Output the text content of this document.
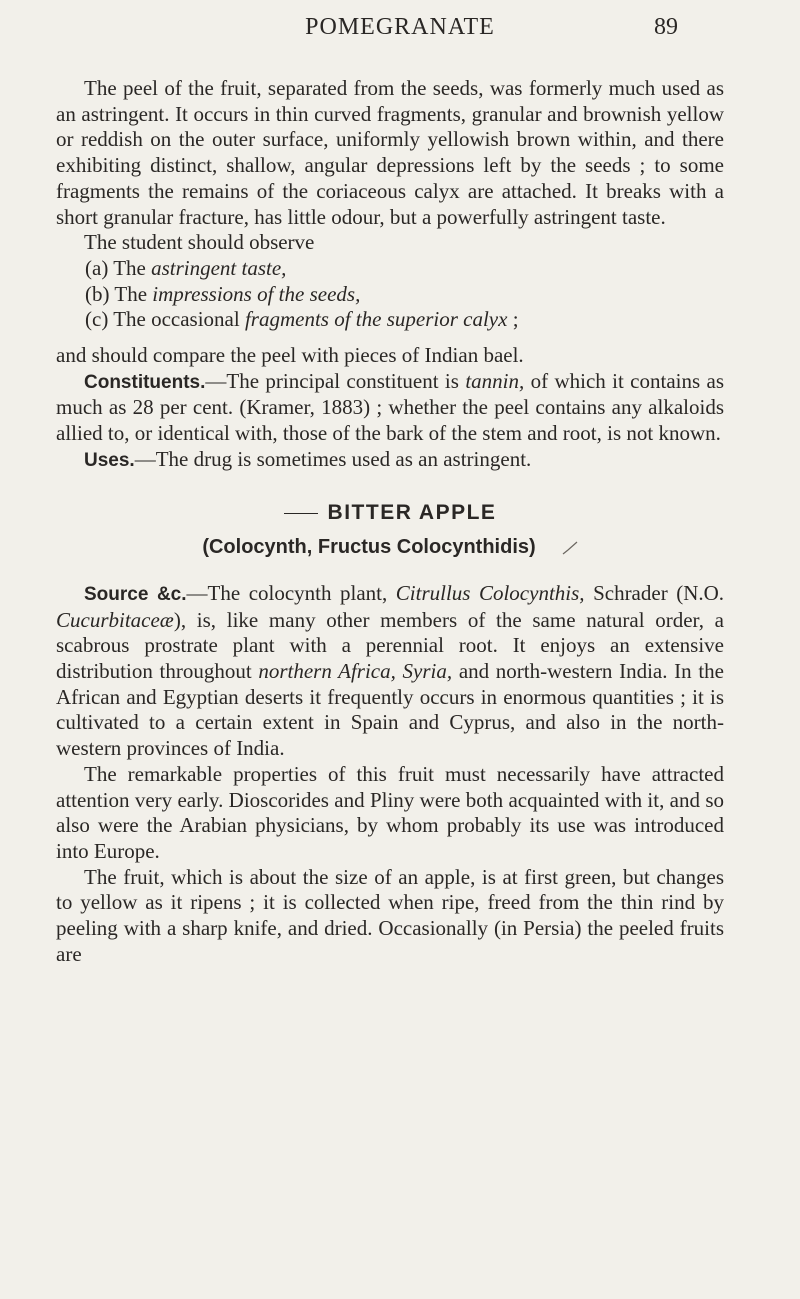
POMEGRANATE	89

The peel of the fruit, separated from the seeds, was formerly much used as an astringent. It occurs in thin curved fragments, granular and brownish yellow or reddish on the outer surface, uniformly yellowish brown within, and there exhibiting distinct, shallow, angular depressions left by the seeds ; to some fragments the remains of the coriaceous calyx are attached. It breaks with a short granular fracture, has little odour, but a powerfully astringent taste.

The student should observe

(a) The astringent taste,

(b) The impressions of the seeds,

(c) The occasional fragments of the superior calyx ;

and should compare the peel with pieces of Indian bael.

Constituents.—The principal constituent is tannin, of which it contains as much as 28 per cent. (Kramer, 1883) ; whether the peel contains any alkaloids allied to, or identical with, those of the bark of the stem and root, is not known.

Uses.—The drug is sometimes used as an astringent.

BITTER APPLE
(Colocynth, Fructus Colocynthidis)

Source &c.—The colocynth plant, Citrullus Colocynthis, Schrader (N.O. Cucurbitaceæ), is, like many other members of the same natural order, a scabrous prostrate plant with a perennial root. It enjoys an extensive distribution throughout northern Africa, Syria, and north-western India. In the African and Egyptian deserts it frequently occurs in enormous quantities ; it is cultivated to a certain extent in Spain and Cyprus, and also in the north-western provinces of India.

The remarkable properties of this fruit must necessarily have attracted attention very early. Dioscorides and Pliny were both acquainted with it, and so also were the Arabian physicians, by whom probably its use was introduced into Europe.

The fruit, which is about the size of an apple, is at first green, but changes to yellow as it ripens ; it is collected when ripe, freed from the thin rind by peeling with a sharp knife, and dried. Occasionally (in Persia) the peeled fruits are
